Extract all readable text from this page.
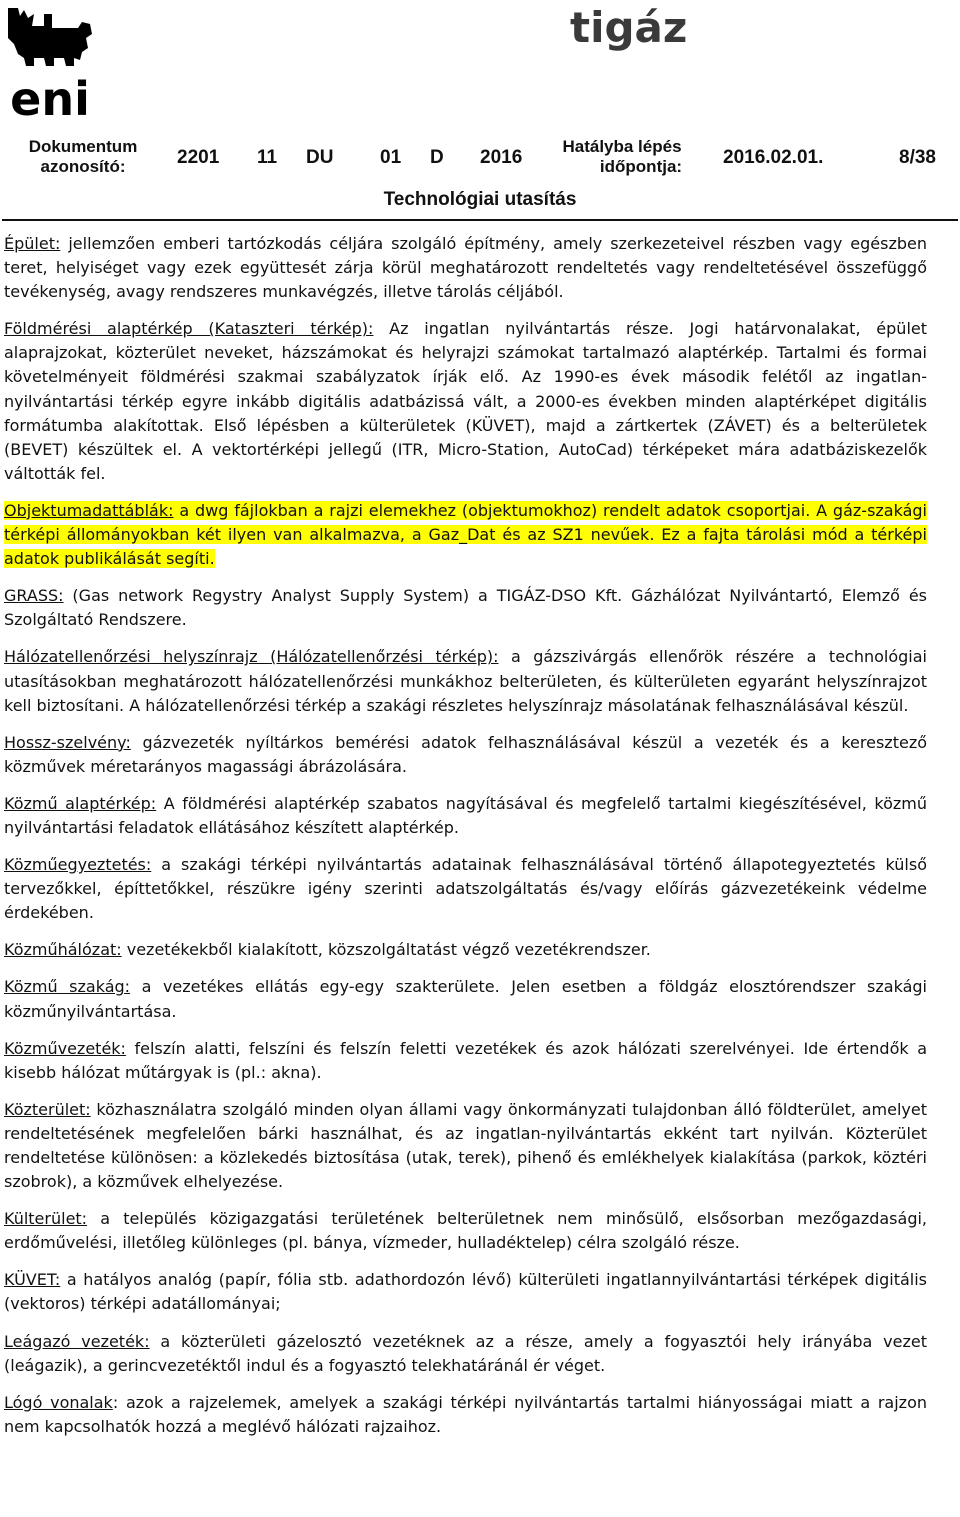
eni
tigáz
Dokumentum
azonosító:	2201 11 DU 01 D 2016
Hatályba lépés
időpontja:	2016.02.01.	8/38
Technológiai utasítás

Épület: jellemzően emberi tartózkodás céljára szolgáló építmény, amely szerkezeteivel részben vagy egészben teret, helyiséget vagy ezek együttesét zárja körül meghatározott rendeltetés vagy rendeltetésével összefüggő tevékenység, avagy rendszeres munkavégzés, illetve tárolás céljából.

Földmérési alaptérkép (Kataszteri térkép): Az ingatlan nyilvántartás része. Jogi határvonalakat, épület alaprajzokat, közterület neveket, házszámokat és helyrajzi számokat tartalmazó alaptérkép. Tartalmi és formai követelményeit földmérési szakmai szabályzatok írják elő. Az 1990-es évek második felétől az ingatlan-nyilvántartási térkép egyre inkább digitális adatbázissá vált, a 2000-es években minden alaptérképet digitális formátumba alakítottak. Első lépésben a külterületek (KÜVET), majd a zártkertek (ZÁVET) és a belterületek (BEVET) készültek el. A vektortérképi jellegű (ITR, Micro-Station, AutoCad) térképeket mára adatbáziskezelők váltották fel.

Objektumadattáblák: a dwg fájlokban a rajzi elemekhez (objektumokhoz) rendelt adatok csoportjai. A gáz-szakági térképi állományokban két ilyen van alkalmazva, a Gaz_Dat és az SZ1 nevűek. Ez a fajta tárolási mód a térképi adatok publikálását segíti.

GRASS: (Gas network Regystry Analyst Supply System) a TIGÁZ-DSO Kft. Gázhálózat Nyilvántartó, Elemző és Szolgáltató Rendszere.

Hálózatellenőrzési helyszínrajz (Hálózatellenőrzési térkép): a gázszivárgás ellenőrök részére a technológiai utasításokban meghatározott hálózatellenőrzési munkákhoz belterületen, és külterületen egyaránt helyszínrajzot kell biztosítani. A hálózatellenőrzési térkép a szakági részletes helyszínrajz másolatának felhasználásával készül.

Hossz-szelvény: gázvezeték nyíltárkos bemérési adatok felhasználásával készül a vezeték és a keresztező közművek méretarányos magassági ábrázolására.

Közmű alaptérkép: A földmérési alaptérkép szabatos nagyításával és megfelelő tartalmi kiegészítésével, közmű nyilvántartási feladatok ellátásához készített alaptérkép.

Közműegyeztetés: a szakági térképi nyilvántartás adatainak felhasználásával történő állapotegyeztetés külső tervezőkkel, építtetőkkel, részükre igény szerinti adatszolgáltatás és/vagy előírás gázvezetékeink védelme érdekében.

Közműhálózat: vezetékekből kialakított, közszolgáltatást végző vezetékrendszer.

Közmű szakág: a vezetékes ellátás egy-egy szakterülete. Jelen esetben a földgáz elosztórendszer szakági közműnyilvántartása.

Közművezeték: felszín alatti, felszíni és felszín feletti vezetékek és azok hálózati szerelvényei. Ide értendők a kisebb hálózat műtárgyak is (pl.: akna).

Közterület: közhasználatra szolgáló minden olyan állami vagy önkormányzati tulajdonban álló földterület, amelyet rendeltetésének megfelelően bárki használhat, és az ingatlan-nyilvántartás ekként tart nyilván. Közterület rendeltetése különösen: a közlekedés biztosítása (utak, terek), pihenő és emlékhelyek kialakítása (parkok, köztéri szobrok), a közművek elhelyezése.

Külterület: a település közigazgatási területének belterületnek nem minősülő, elsősorban mezőgazdasági, erdőművelési, illetőleg különleges (pl. bánya, vízmeder, hulladéktelep) célra szolgáló része.

KÜVET: a hatályos analóg (papír, fólia stb. adathordozón lévő) külterületi ingatlannyilvántartási térképek digitális (vektoros) térképi adatállományai;

Leágazó vezeték: a közterületi gázelosztó vezetéknek az a része, amely a fogyasztói hely irányába vezet (leágazik), a gerincvezetéktől indul és a fogyasztó telekhatáránál ér véget.

Lógó vonalak: azok a rajzelemek, amelyek a szakági térképi nyilvántartás tartalmi hiányosságai miatt a rajzon nem kapcsolhatók hozzá a meglévő hálózati rajzaihoz.
